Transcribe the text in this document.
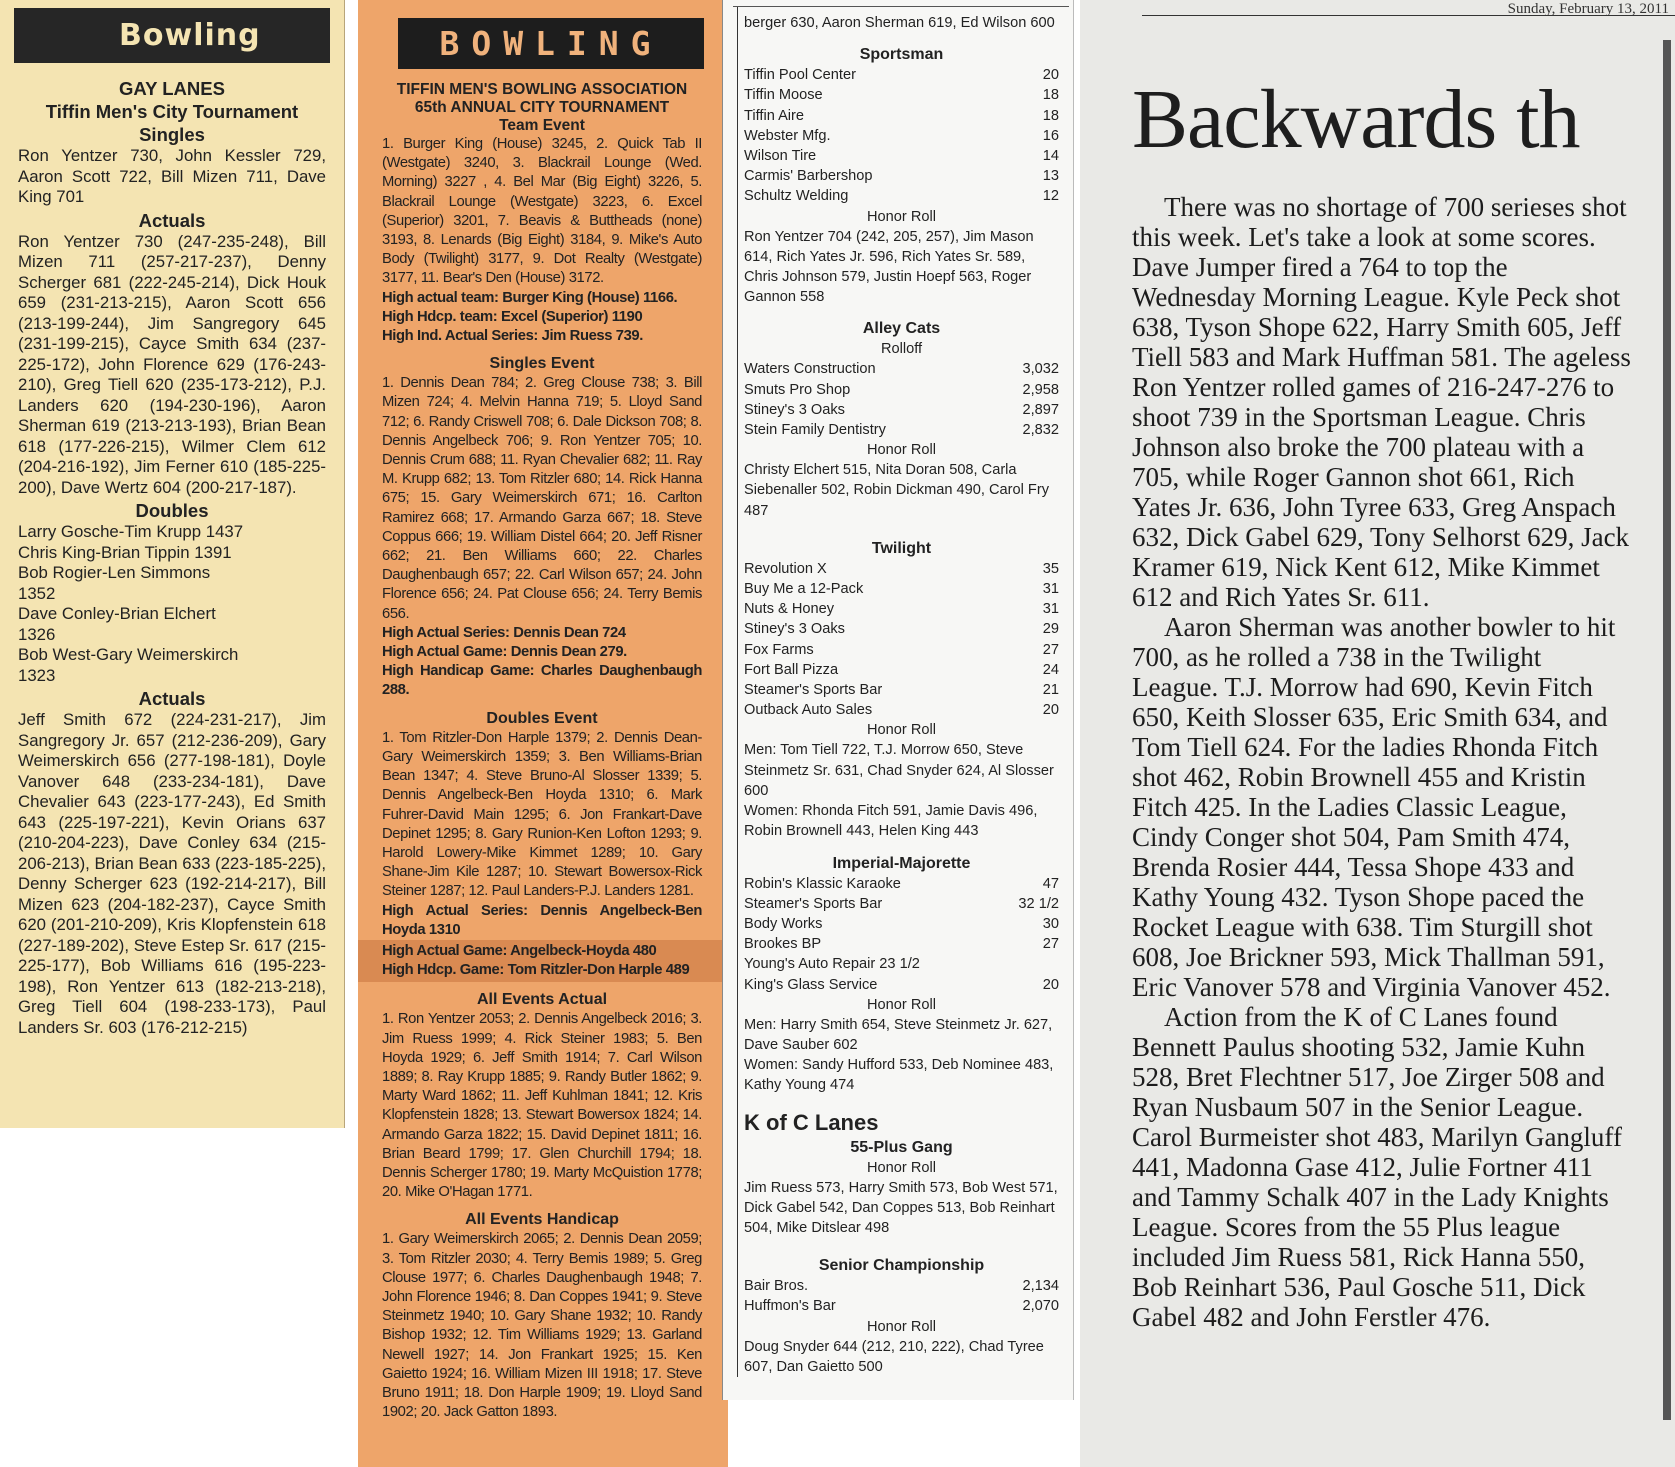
Bowling
GAY LANES
Tiffin Men's City Tournament
Singles

Ron Yentzer 730, John Kessler 729, Aaron Scott 722, Bill Mizen 711, Dave King 701

Actuals

Ron Yentzer 730 (247-235-248), Bill Mizen 711 (257-217-237), Denny Scherger 681 (222-245-214), Dick Houk 659 (231-213-215), Aaron Scott 656 (213-199-244), Jim Sangregory 645 (231-199-215), Cayce Smith 634 (237-225-172), John Florence 629 (176-243-210), Greg Tiell 620 (235-173-212), P.J. Landers 620 (194-230-196), Aaron Sherman 619 (213-213-193), Brian Bean 618 (177-226-215), Wilmer Clem 612 (204-216-192), Jim Ferner 610 (185-225-200), Dave Wertz 604 (200-217-187).

Doubles
Larry Gosche-Tim Krupp 1437
Chris King-Brian Tippin 1391
Bob Rogier-Len Simmons
1352
Dave Conley-Brian Elchert
1326
Bob West-Gary Weimerskirch
1323
Actuals

Jeff Smith 672 (224-231-217), Jim Sangregory Jr. 657 (212-236-209), Gary Weimerskirch 656 (277-198-181), Doyle Vanover 648 (233-234-181), Dave Chevalier 643 (223-177-243), Ed Smith 643 (225-197-221), Kevin Orians 637 (210-204-223), Dave Conley 634 (215-206-213), Brian Bean 633 (223-185-225), Denny Scherger 623 (192-214-217), Bill Mizen 623 (204-182-237), Cayce Smith 620 (201-210-209), Kris Klopfenstein 618 (227-189-202), Steve Estep Sr. 617 (215-225-177), Bob Williams 616 (195-223-198), Ron Yentzer 613 (182-213-218), Greg Tiell 604 (198-233-173), Paul Landers Sr. 603 (176-212-215)

BOWLING
TIFFIN MEN'S BOWLING ASSOCIATION
65th ANNUAL CITY TOURNAMENT
Team Event

1. Burger King (House) 3245, 2. Quick Tab II (Westgate) 3240, 3. Blackrail Lounge (Wed. Morning) 3227 , 4. Bel Mar (Big Eight) 3226, 5. Blackrail Lounge (Westgate) 3223, 6. Excel (Superior) 3201, 7. Beavis & Buttheads (none) 3193, 8. Lenards (Big Eight) 3184, 9. Mike's Auto Body (Twilight) 3177, 9. Dot Realty (Westgate) 3177, 11. Bear's Den (House) 3172.

High actual team: Burger King (House) 1166.

High Hdcp. team: Excel (Superior) 1190

High Ind. Actual Series: Jim Ruess 739.

Singles Event

1. Dennis Dean 784; 2. Greg Clouse 738; 3. Bill Mizen 724; 4. Melvin Hanna 719; 5. Lloyd Sand 712; 6. Randy Criswell 708; 6. Dale Dickson 708; 8. Dennis Angelbeck 706; 9. Ron Yentzer 705; 10. Dennis Crum 688; 11. Ryan Chevalier 682; 11. Ray M. Krupp 682; 13. Tom Ritzler 680; 14. Rick Hanna 675; 15. Gary Weimerskirch 671; 16. Carlton Ramirez 668; 17. Armando Garza 667; 18. Steve Coppus 666; 19. William Distel 664; 20. Jeff Risner 662; 21. Ben Williams 660; 22. Charles Daughenbaugh 657; 22. Carl Wilson 657; 24. John Florence 656; 24. Pat Clouse 656; 24. Terry Bemis 656.

High Actual Series: Dennis Dean 724

High Actual Game: Dennis Dean 279.

High Handicap Game: Charles Daughenbaugh 288.

Doubles Event

1. Tom Ritzler-Don Harple 1379; 2. Dennis Dean-Gary Weimerskirch 1359; 3. Ben Williams-Brian Bean 1347; 4. Steve Bruno-Al Slosser 1339; 5. Dennis Angelbeck-Ben Hoyda 1310; 6. Mark Fuhrer-David Main 1295; 6. Jon Frankart-Dave Depinet 1295; 8. Gary Runion-Ken Lofton 1293; 9. Harold Lowery-Mike Kimmet 1289; 10. Gary Shane-Jim Kile 1287; 10. Stewart Bowersox-Rick Steiner 1287; 12. Paul Landers-P.J. Landers 1281.

High Actual Series: Dennis Angelbeck-Ben Hoyda 1310

High Actual Game: Angelbeck-Hoyda 480

High Hdcp. Game: Tom Ritzler-Don Harple 489

All Events Actual

1. Ron Yentzer 2053; 2. Dennis Angelbeck 2016; 3. Jim Ruess 1999; 4. Rick Steiner 1983; 5. Ben Hoyda 1929; 6. Jeff Smith 1914; 7. Carl Wilson 1889; 8. Ray Krupp 1885; 9. Randy Butler 1862; 9. Marty Ward 1862; 11. Jeff Kuhlman 1841; 12. Kris Klopfenstein 1828; 13. Stewart Bowersox 1824; 14. Armando Garza 1822; 15. David Depinet 1811; 16. Brian Beard 1799; 17. Glen Churchill 1794; 18. Dennis Scherger 1780; 19. Marty McQuistion 1778; 20. Mike O'Hagan 1771.

All Events Handicap

1. Gary Weimerskirch 2065; 2. Dennis Dean 2059; 3. Tom Ritzler 2030; 4. Terry Bemis 1989; 5. Greg Clouse 1977; 6. Charles Daughenbaugh 1948; 7. John Florence 1946; 8. Dan Coppes 1941; 9. Steve Steinmetz 1940; 10. Gary Shane 1932; 10. Randy Bishop 1932; 12. Tim Williams 1929; 13. Garland Newell 1927; 14. Jon Frankart 1925; 15. Ken Gaietto 1924; 16. William Mizen III 1918; 17. Steve Bruno 1911; 18. Don Harple 1909; 19. Lloyd Sand 1902; 20. Jack Gatton 1893.

berger 630, Aaron Sherman 619, Ed Wilson 600
Sportsman
Tiffin Pool Center	20
Tiffin Moose	18
Tiffin Aire	18
Webster Mfg.	16
Wilson Tire	14
Carmis' Barbershop	13
Schultz Welding	12
Honor Roll
Ron Yentzer 704 (242, 205, 257), Jim Mason 614, Rich Yates Jr. 596, Rich Yates Sr. 589, Chris Johnson 579, Justin Hoepf 563, Roger Gannon 558
Alley Cats
Rolloff
Waters Construction	3,032
Smuts Pro Shop	2,958
Stiney's 3 Oaks	2,897
Stein Family Dentistry	2,832
Honor Roll
Christy Elchert 515, Nita Doran 508, Carla Siebenaller 502, Robin Dickman 490, Carol Fry 487
Twilight
Revolution X	35
Buy Me a 12-Pack	31
Nuts & Honey	31
Stiney's 3 Oaks	29
Fox Farms	27
Fort Ball Pizza	24
Steamer's Sports Bar	21
Outback Auto Sales	20
Honor Roll
Men: Tom Tiell 722, T.J. Morrow 650, Steve Steinmetz Sr. 631, Chad Snyder 624, Al Slosser 600
Women: Rhonda Fitch 591, Jamie Davis 496, Robin Brownell 443, Helen King 443
Imperial-Majorette
Robin's Klassic Karaoke	47
Steamer's Sports Bar	32 1/2
Body Works	30
Brookes BP	27
Young's Auto Repair 23 1/2
King's Glass Service	20
Honor Roll
Men: Harry Smith 654, Steve Steinmetz Jr. 627, Dave Sauber 602
Women: Sandy Hufford 533, Deb Nominee 483, Kathy Young 474
K of C Lanes
55-Plus Gang
Honor Roll
Jim Ruess 573, Harry Smith 573, Bob West 571, Dick Gabel 542, Dan Coppes 513, Bob Reinhart 504, Mike Ditslear 498
Senior Championship
Bair Bros.	2,134
Huffmon's Bar	2,070
Honor Roll
Doug Snyder 644 (212, 210, 222), Chad Tyree 607, Dan Gaietto 500
Sunday, February 13, 2011
Backwards th

There was no shortage of 700 serieses shot this week. Let's take a look at some scores. Dave Jumper fired a 764 to top the Wednesday Morning League. Kyle Peck shot 638, Tyson Shope 622, Harry Smith 605, Jeff Tiell 583 and Mark Huffman 581. The ageless Ron Yentzer rolled games of 216-247-276 to shoot 739 in the Sportsman League. Chris Johnson also broke the 700 plateau with a 705, while Roger Gannon shot 661, Rich Yates Jr. 636, John Tyree 633, Greg Anspach 632, Dick Gabel 629, Tony Selhorst 629, Jack Kramer 619, Nick Kent 612, Mike Kimmet 612 and Rich Yates Sr. 611.

Aaron Sherman was another bowler to hit 700, as he rolled a 738 in the Twilight League. T.J. Morrow had 690, Kevin Fitch 650, Keith Slosser 635, Eric Smith 634, and Tom Tiell 624. For the ladies Rhonda Fitch shot 462, Robin Brownell 455 and Kristin Fitch 425. In the Ladies Classic League, Cindy Conger shot 504, Pam Smith 474, Brenda Rosier 444, Tessa Shope 433 and Kathy Young 432. Tyson Shope paced the Rocket League with 638. Tim Sturgill shot 608, Joe Brickner 593, Mick Thallman 591, Eric Vanover 578 and Virginia Vanover 452.

Action from the K of C Lanes found Bennett Paulus shooting 532, Jamie Kuhn 528, Bret Flechtner 517, Joe Zirger 508 and Ryan Nusbaum 507 in the Senior League. Carol Burmeister shot 483, Marilyn Gangluff 441, Madonna Gase 412, Julie Fortner 411 and Tammy Schalk 407 in the Lady Knights League. Scores from the 55 Plus league included Jim Ruess 581, Rick Hanna 550, Bob Reinhart 536, Paul Gosche 511, Dick Gabel 482 and John Ferstler 476.
